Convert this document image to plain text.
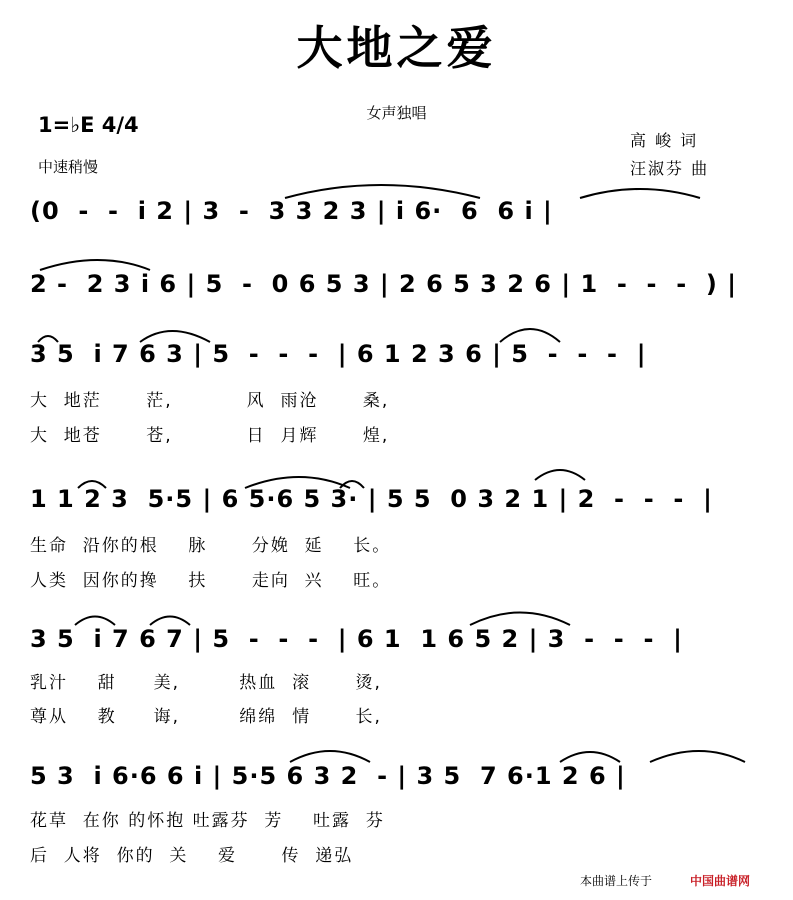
大地之爱
女声独唱
1=♭E 4/4
中速稍慢
高 峻 词
汪淑芬 曲
(0  -  -  i 2 | 3  -  3 3 2 3 | i 6·  6  6 i |
2 -  2 3 i 6 | 5  -  0 6 5 3 | 2 6 5 3 2 6 | 1  -  -  -  ) |
3 5  i 7 6 3 | 5  -  -  -  | 6 1 2 3 6 | 5  -  -  -  |
大  地茫      茫,          风  雨沧      桑,
大  地苍      苍,          日  月辉      煌,
1 1 2 3  5·5 | 6 5·6 5 3· | 5 5  0 3 2 1 | 2  -  -  -  |
生命  沿你的根    脉      分娩  延    长。
人类  因你的搀    扶      走向  兴    旺。
3 5  i 7 6 7 | 5  -  -  -  | 6 1  1 6 5 2 | 3  -  -  -  |
乳汁    甜     美,        热血  滚      烫,
尊从    教     诲,        绵绵  情      长,
5 3  i 6·6 6 i | 5·5 6 3 2  - | 3 5  7 6·1 2 6 |
花草  在你 的怀抱 吐露芬  芳    吐露  芬
后  人将  你的  关    爱      传  递弘
本曲谱上传于	中国曲谱网
